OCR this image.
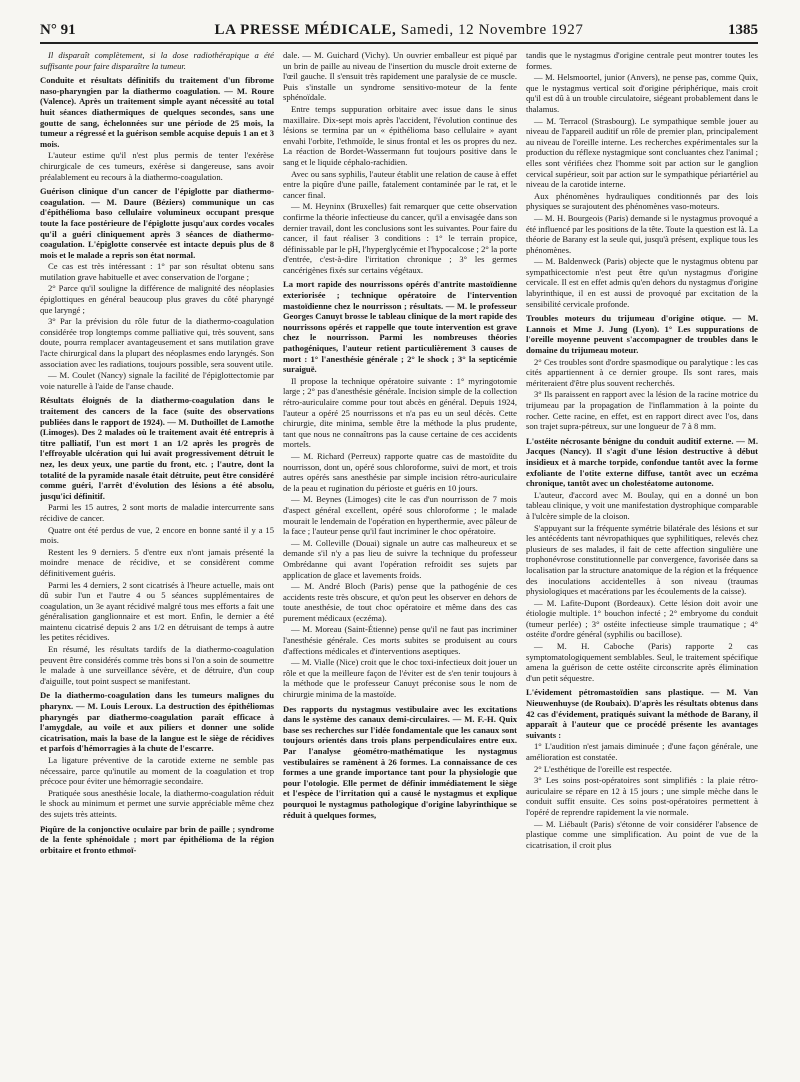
N° 91	LA PRESSE MÉDICALE, Samedi, 12 Novembre 1927	1385

Il disparaît complètement, si la dose radiothérapique a été suffisante pour faire disparaître la tumeur.

Conduite et résultats définitifs du traitement d'un fibrome naso-pharyngien par la diathermo coagulation. — M. Roure (Valence). Après un traitement simple ayant nécessité au total huit séances diathermiques de quelques secondes, sans une goutte de sang, échelonnées sur une période de 25 mois, la tumeur a régressé et la guérison semble acquise depuis 1 an et 3 mois.

L'auteur estime qu'il n'est plus permis de tenter l'exérèse chirurgicale de ces tumeurs, exérèse si dangereuse, sans avoir préalablement eu recours à la diathermo-coagulation.

Guérison clinique d'un cancer de l'épiglotte par diathermo-coagulation. — M. Daure (Béziers) communique un cas d'épithélioma baso cellulaire volumineux occupant presque toute la face postérieure de l'épiglotte jusqu'aux cordes vocales qu'il a guéri cliniquement après 3 séances de diathermo-coagulation. L'épiglotte conservée est intacte depuis plus de 8 mois et le malade a repris son état normal.

Ce cas est très intéressant : 1° par son résultat obtenu sans mutilation grave habituelle et avec conservation de l'organe ;

2° Parce qu'il souligne la différence de malignité des néoplasies épiglottiques en général beaucoup plus graves du côté pharyngé que laryngé ;

3° Par la prévision du rôle futur de la diathermo-coagulation considérée trop longtemps comme palliative qui, très souvent, sans doute, pourra remplacer avantageusement et sans mutilation grave l'acte chirurgical dans la plupart des néoplasmes endo laryngés. Son association avec les radiations, toujours possible, sera souvent utile.

— M. Coulet (Nancy) signale la facilité de l'épiglottectomie par voie naturelle à l'aide de l'anse chaude.

Résultats éloignés de la diathermo-coagulation dans le traitement des cancers de la face (suite des observations publiées dans le rapport de 1924). — M. Duthoillet de Lamothe (Limoges). Des 2 malades où le traitement avait été entrepris à titre palliatif, l'un est mort 1 an 1/2 après les progrès de l'effroyable ulcération qui lui avait progressivement détruit le nez, les deux yeux, une partie du front, etc. ; l'autre, dont la totalité de la pyramide nasale était détruite, peut être considéré comme guéri, l'arrêt d'évolution des lésions a été absolu, jusqu'ici définitif.

Parmi les 15 autres, 2 sont morts de maladie intercurrente sans récidive de cancer.

Quatre ont été perdus de vue, 2 encore en bonne santé il y a 15 mois.

Restent les 9 derniers. 5 d'entre eux n'ont jamais présenté la moindre menace de récidive, et se considèrent comme définitivement guéris.

Parmi les 4 derniers, 2 sont cicatrisés à l'heure actuelle, mais ont dû subir l'un et l'autre 4 ou 5 séances supplémentaires de coagulation, un 3e ayant récidivé malgré tous mes efforts a fait une généralisation ganglionnaire et est mort. Enfin, le dernier a été maintenu cicatrisé depuis 2 ans 1/2 en détruisant de temps à autre les petites récidives.

En résumé, les résultats tardifs de la diathermo-coagulation peuvent être considérés comme très bons si l'on a soin de soumettre le malade à une surveillance sévère, et de détruire, d'un coup d'aiguille, tout point suspect se manifestant.

De la diathermo-coagulation dans les tumeurs malignes du pharynx. — M. Louis Leroux. La destruction des épithéliomas pharyngés par diathermo-coagulation paraît efficace à l'amygdale, au voile et aux piliers et donner une solide cicatrisation, mais la base de la langue est le siège de récidives et parfois d'hémorragies à la chute de l'escarre.

La ligature préventive de la carotide externe ne semble pas nécessaire, parce qu'inutile au moment de la coagulation et trop précoce pour éviter une hémorragie secondaire.

Pratiquée sous anesthésie locale, la diathermo-coagulation réduit le shock au minimum et permet une survie appréciable même chez des sujets très atteints.

Piqûre de la conjonctive oculaire par brin de paille ; syndrome de la fente sphénoïdale ; mort par épithélioma de la région orbitaire et fronto ethmoï-

dale. — M. Guichard (Vichy). Un ouvrier emballeur est piqué par un brin de paille au niveau de l'insertion du muscle droit externe de l'œil gauche. Il s'ensuit très rapidement une paralysie de ce muscle. Puis s'installe un syndrome sensitivo-moteur de la fente sphénoïdale.

Entre temps suppuration orbitaire avec issue dans le sinus maxillaire. Dix-sept mois après l'accident, l'évolution continue des lésions se termina par un « épithélioma baso cellulaire » ayant envahi l'orbite, l'ethmoïde, le sinus frontal et les os propres du nez. La réaction de Bordet-Wassermann fut toujours positive dans le sang et le liquide céphalo-rachidien.

Avec ou sans syphilis, l'auteur établit une relation de cause à effet entre la piqûre d'une paille, fatalement contaminée par le rat, et le cancer final.

— M. Heyninx (Bruxelles) fait remarquer que cette observation confirme la théorie infectieuse du cancer, qu'il a envisagée dans son dernier travail, dont les conclusions sont les suivantes. Pour faire du cancer, il faut réaliser 3 conditions : 1° le terrain propice, définissable par le pH, l'hyperglycémie et l'hypocalcose ; 2° la porte d'entrée, c'est-à-dire l'irritation chronique ; 3° les germes cancérigènes fixés sur certains végétaux.

La mort rapide des nourrissons opérés d'antrite mastoïdienne exteriorisée ; technique opératoire de l'intervention mastoïdienne chez le nourrisson ; résultats. — M. le professeur Georges Canuyt brosse le tableau clinique de la mort rapide des nourrissons opérés et rappelle que toute intervention est grave chez le nourrisson. Parmi les nombreuses théories pathogéniques, l'auteur retient particulièrement 3 causes de mort : 1° l'anesthésie générale ; 2° le shock ; 3° la septicémie suraiguë.

Il propose la technique opératoire suivante : 1° myringotomie large ; 2° pas d'anesthésie générale. Incision simple de la collection rétro-auriculaire comme pour tout abcès en général. Depuis 1924, l'auteur a opéré 25 nourrissons et n'a pas eu un seul décès. Cette chirurgie, dite minima, semble être la méthode la plus prudente, tant que nous ne connaîtrons pas la cause certaine de ces accidents mortels.

— M. Richard (Perreux) rapporte quatre cas de mastoïdite du nourrisson, dont un, opéré sous chloroforme, suivi de mort, et trois autres opérés sans anesthésie par simple incision rétro-auriculaire de la peau et rugination du périoste et guéris en 10 jours.

— M. Beynes (Limoges) cite le cas d'un nourrisson de 7 mois d'aspect général excellent, opéré sous chloroforme ; le malade mourait le lendemain de l'opération en hyperthermie, avec pâleur de la face ; l'auteur pense qu'il faut incriminer le choc opératoire.

— M. Colleville (Douai) signale un autre cas malheureux et se demande s'il n'y a pas lieu de suivre la technique du professeur Ombrédanne qui avant l'opération refroidit ses sujets par application de glace et lavements froids.

— M. André Bloch (Paris) pense que la pathogénie de ces accidents reste très obscure, et qu'on peut les observer en dehors de toute anesthésie, de tout choc opératoire et même dans des cas purement médicaux (eczéma).

— M. Moreau (Saint-Étienne) pense qu'il ne faut pas incriminer l'anesthésie générale. Ces morts subites se produisent au cours d'affections médicales et d'interventions aseptiques.

— M. Vialle (Nice) croit que le choc toxi-infectieux doit jouer un rôle et que la meilleure façon de l'éviter est de s'en tenir toujours à la méthode que le professeur Canuyt préconise sous le nom de chirurgie minima de la mastoïde.

Des rapports du nystagmus vestibulaire avec les excitations dans le système des canaux demi-circulaires. — M. F.-H. Quix base ses recherches sur l'idée fondamentale que les canaux sont toujours orientés dans trois plans perpendiculaires entre eux. Par l'analyse géométro-mathématique les nystagmus vestibulaires se ramènent à 26 formes. La connaissance de ces formes a une grande importance tant pour la physiologie que pour l'otologie. Elle permet de définir immédiatement le siège et l'espèce de l'irritation qui a causé le nystagmus et explique pourquoi le nystagmus pathologique d'origine labyrinthique se réduit à quelques formes,

tandis que le nystagmus d'origine centrale peut montrer toutes les formes.

— M. Helsmoortel, junior (Anvers), ne pense pas, comme Quix, que le nystagmus vertical soit d'origine périphérique, mais croit qu'il est dû à un trouble circulatoire, siégeant probablement dans le thalamus.

— M. Terracol (Strasbourg). Le sympathique semble jouer au niveau de l'appareil auditif un rôle de premier plan, principalement au niveau de l'oreille interne. Les recherches expérimentales sur la production du réflexe nystagmique sont concluantes chez l'animal ; elles sont vérifiées chez l'homme soit par action sur le ganglion cervical supérieur, soit par action sur le sympathique périartériel au niveau de la carotide interne.

Aux phénomènes hydrauliques conditionnés par des lois physiques se surajoutent des phénomènes vaso-moteurs.

— M. H. Bourgeois (Paris) demande si le nystagmus provoqué a été influencé par les positions de la tête. Toute la question est là. La théorie de Barany est la seule qui, jusqu'à présent, explique tous les phénomènes.

— M. Baldenweck (Paris) objecte que le nystagmus obtenu par sympathicectomie n'est peut être qu'un nystagmus d'origine cervicale. Il est en effet admis qu'en dehors du nystagmus d'origine labyrinthique, il en est aussi de provoqué par excitation de la sensibilité cervicale profonde.

Troubles moteurs du trijumeau d'origine otique. — M. Lannois et Mme J. Jung (Lyon). 1° Les suppurations de l'oreille moyenne peuvent s'accompagner de troubles dans le domaine du trijumeau moteur.

2° Ces troubles sont d'ordre spasmodique ou paralytique : les cas cités appartiennent à ce dernier groupe. Ils sont rares, mais mériteraient d'être plus souvent recherchés.

3° Ils paraissent en rapport avec la lésion de la racine motrice du trijumeau par la propagation de l'inflammation à la pointe du rocher. Cette racine, en effet, est en rapport direct avec l'os, dans son trajet supra-pétreux, sur une longueur de 7 à 8 mm.

L'ostéite nécrosante bénigne du conduit auditif externe. — M. Jacques (Nancy). Il s'agit d'une lésion destructive à début insidieux et à marche torpide, confondue tantôt avec la forme exfoliante de l'otite externe diffuse, tantôt avec un eczéma chronique, tantôt avec un cholestéatome autonome.

L'auteur, d'accord avec M. Boulay, qui en a donné un bon tableau clinique, y voit une manifestation dystrophique comparable à l'ulcère simple de la cloison.

S'appuyant sur la fréquente symétrie bilatérale des lésions et sur les antécédents tant névropathiques que syphilitiques, relevés chez plusieurs de ses malades, il fait de cette affection singulière une trophonévrose constitutionnelle par convergence, favorisée dans sa localisation par la structure anatomique de la région et la fréquence des inoculations accidentelles à son niveau (traumas physiologiques et macérations par les écoulements de la caisse).

— M. Lafite-Dupont (Bordeaux). Cette lésion doit avoir une étiologie multiple. 1° bouchon infecté ; 2° embryome du conduit (tumeur perlée) ; 3° ostéite infectieuse simple traumatique ; 4° ostéite d'ordre général (syphilis ou bacillose).

— M. H. Caboche (Paris) rapporte 2 cas symptomatologiquement semblables. Seul, le traitement spécifique amena la guérison de cette ostéite circonscrite après élimination d'un petit séquestre.

L'évidement pétromastoïdien sans plastique. — M. Van Nieuwenhuyse (de Roubaix). D'après les résultats obtenus dans 42 cas d'évidement, pratiqués suivant la méthode de Barany, il apparaît à l'auteur que ce procédé présente les avantages suivants :

1° L'audition n'est jamais diminuée ; d'une façon générale, une amélioration est constatée.

2° L'esthétique de l'oreille est respectée.

3° Les soins post-opératoires sont simplifiés : la plaie rétro-auriculaire se répare en 12 à 15 jours ; une simple mèche dans le conduit suffit ensuite. Ces soins post-opératoires permettent à l'opéré de reprendre rapidement la vie normale.

— M. Liébault (Paris) s'étonne de voir considérer l'absence de plastique comme une simplification. Au point de vue de la cicatrisation, il croit plus
